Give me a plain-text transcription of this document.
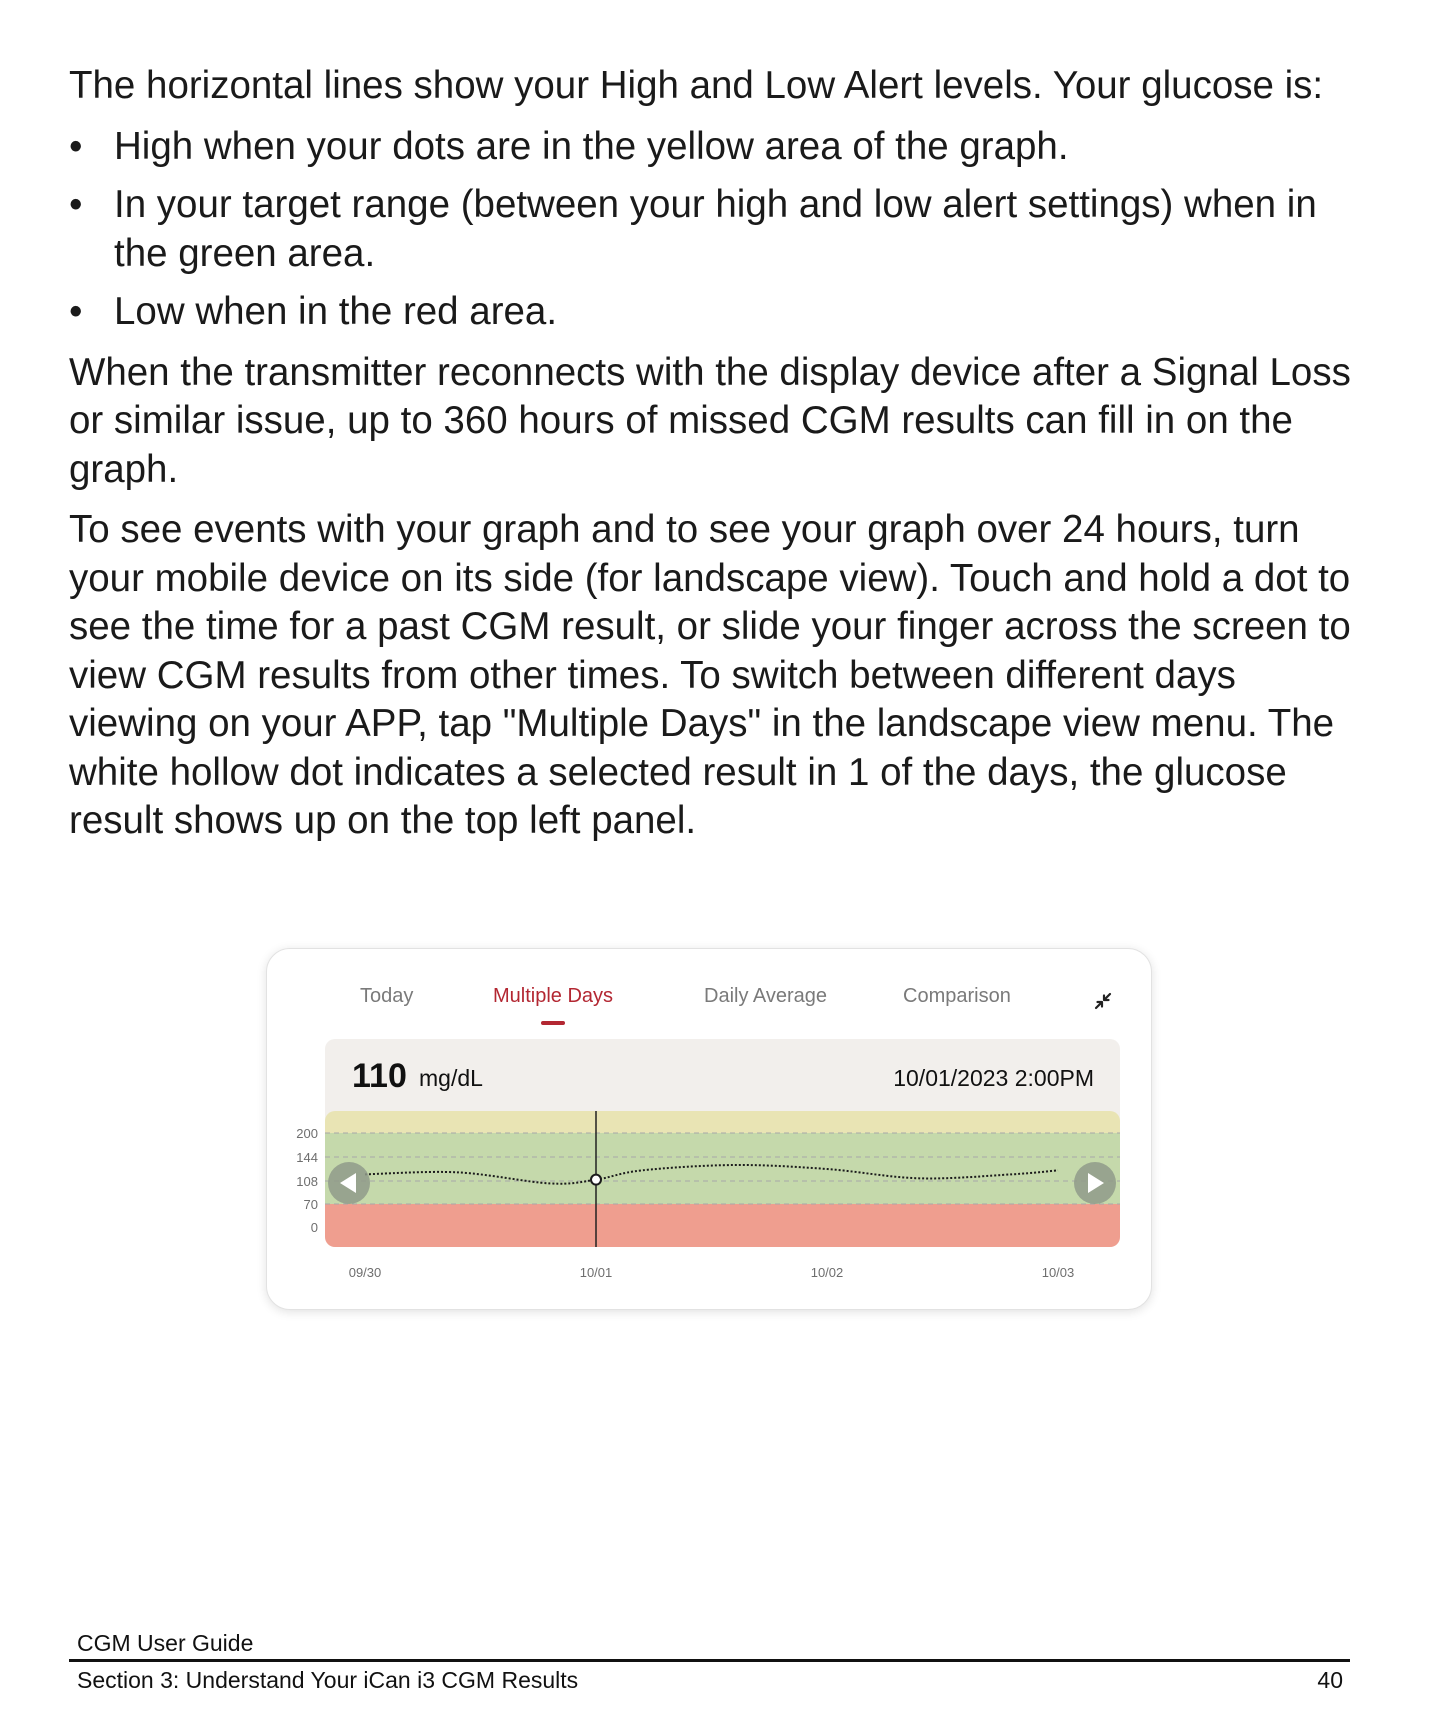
The horizontal lines show your High and Low Alert levels. Your glucose is:

• High when your dots are in the yellow area of the graph.
• In your target range (between your high and low alert settings) when in the green area.
• Low when in the red area.

When the transmitter reconnects with the display device after a Signal Loss or similar issue, up to 360 hours of missed CGM results can fill in on the graph.

To see events with your graph and to see your graph over 24 hours, turn your mobile device on its side (for landscape view). Touch and hold a dot to see the time for a past CGM result, or slide your finger across the screen to view CGM results from other times. To switch between different days viewing on your APP, tap "Multiple Days" in the landscape view menu. The white hollow dot indicates a selected result in 1 of the days, the glucose result shows up on the top left panel.

Today	Multiple Days	Daily Average	Comparison
110 mg/dL	10/01/2023 2:00PM
0
70
108
144
200
09/30	10/01	10/02	10/03
CGM User Guide
Section 3: Understand Your iCan i3 CGM Results	40
